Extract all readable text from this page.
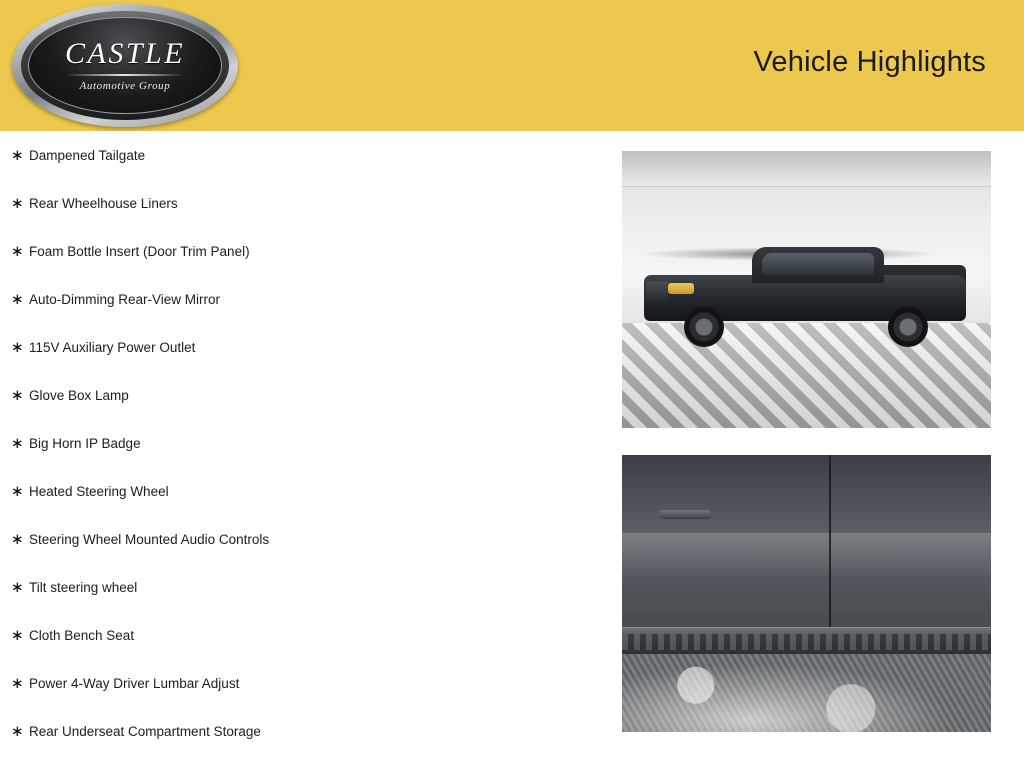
CASTLE
Automotive Group
Vehicle Highlights
∗ Dampened Tailgate
∗ Rear Wheelhouse Liners
∗ Foam Bottle Insert (Door Trim Panel)
∗ Auto-Dimming Rear-View Mirror
∗ 115V Auxiliary Power Outlet
∗ Glove Box Lamp
∗ Big Horn IP Badge
∗ Heated Steering Wheel
∗ Steering Wheel Mounted Audio Controls
∗ Tilt steering wheel
∗ Cloth Bench Seat
∗ Power 4-Way Driver Lumbar Adjust
∗ Rear Underseat Compartment Storage
